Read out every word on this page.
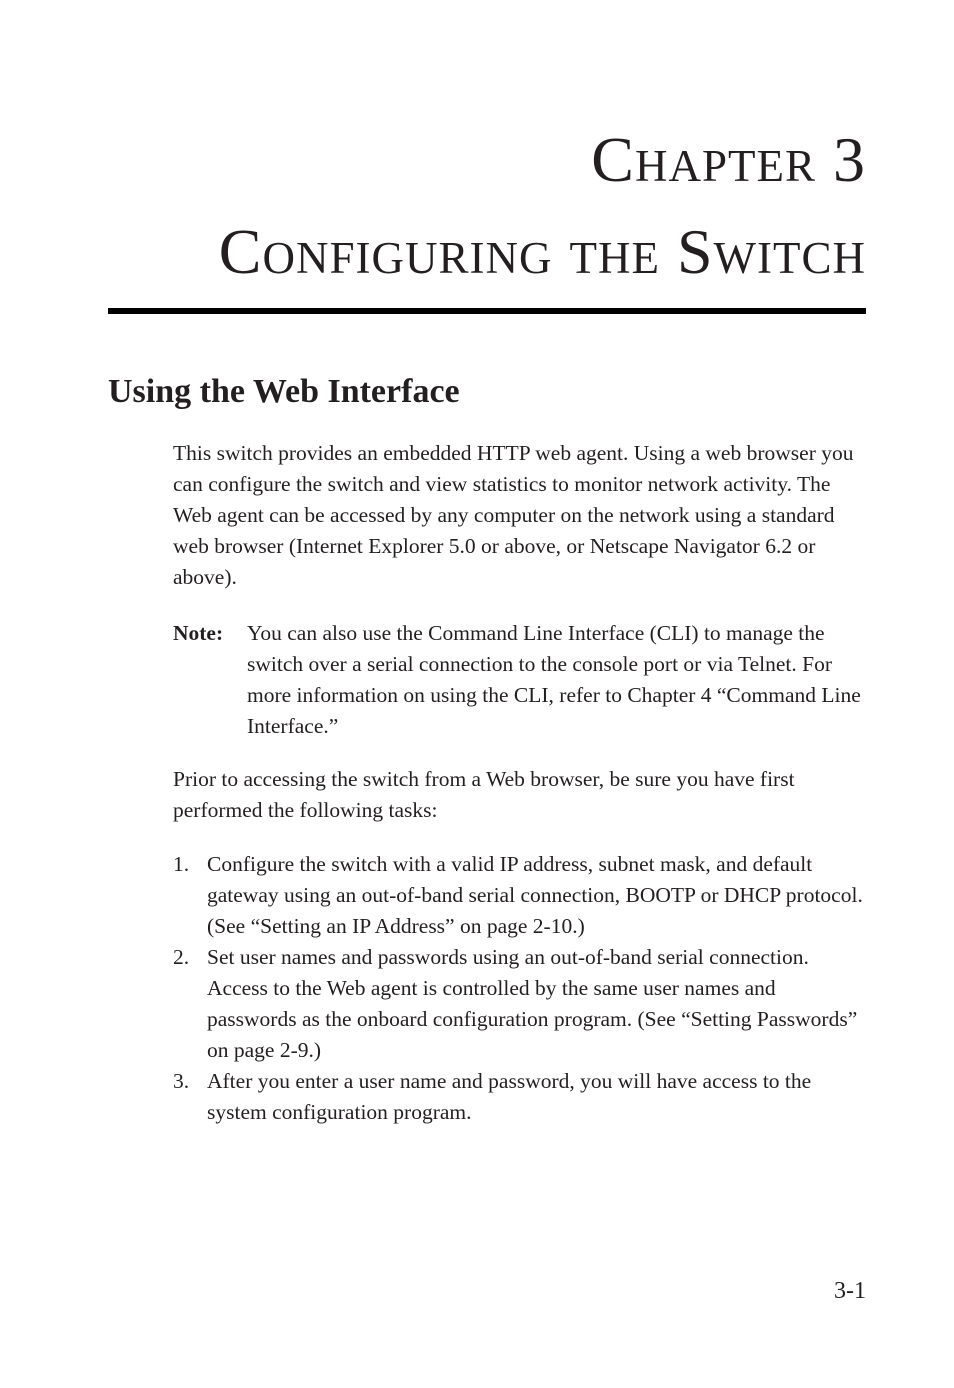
Chapter 3
Configuring the Switch
Using the Web Interface

This switch provides an embedded HTTP web agent. Using a web browser you can configure the switch and view statistics to monitor network activity. The Web agent can be accessed by any computer on the network using a standard web browser (Internet Explorer 5.0 or above, or Netscape Navigator 6.2 or above).

Note: You can also use the Command Line Interface (CLI) to manage the switch over a serial connection to the console port or via Telnet. For more information on using the CLI, refer to Chapter 4 “Command Line Interface.”

Prior to accessing the switch from a Web browser, be sure you have first performed the following tasks:

1. Configure the switch with a valid IP address, subnet mask, and default gateway using an out-of-band serial connection, BOOTP or DHCP protocol. (See “Setting an IP Address” on page 2-10.)
2. Set user names and passwords using an out-of-band serial connection. Access to the Web agent is controlled by the same user names and passwords as the onboard configuration program. (See “Setting Passwords” on page 2-9.)
3. After you enter a user name and password, you will have access to the system configuration program.
3-1
